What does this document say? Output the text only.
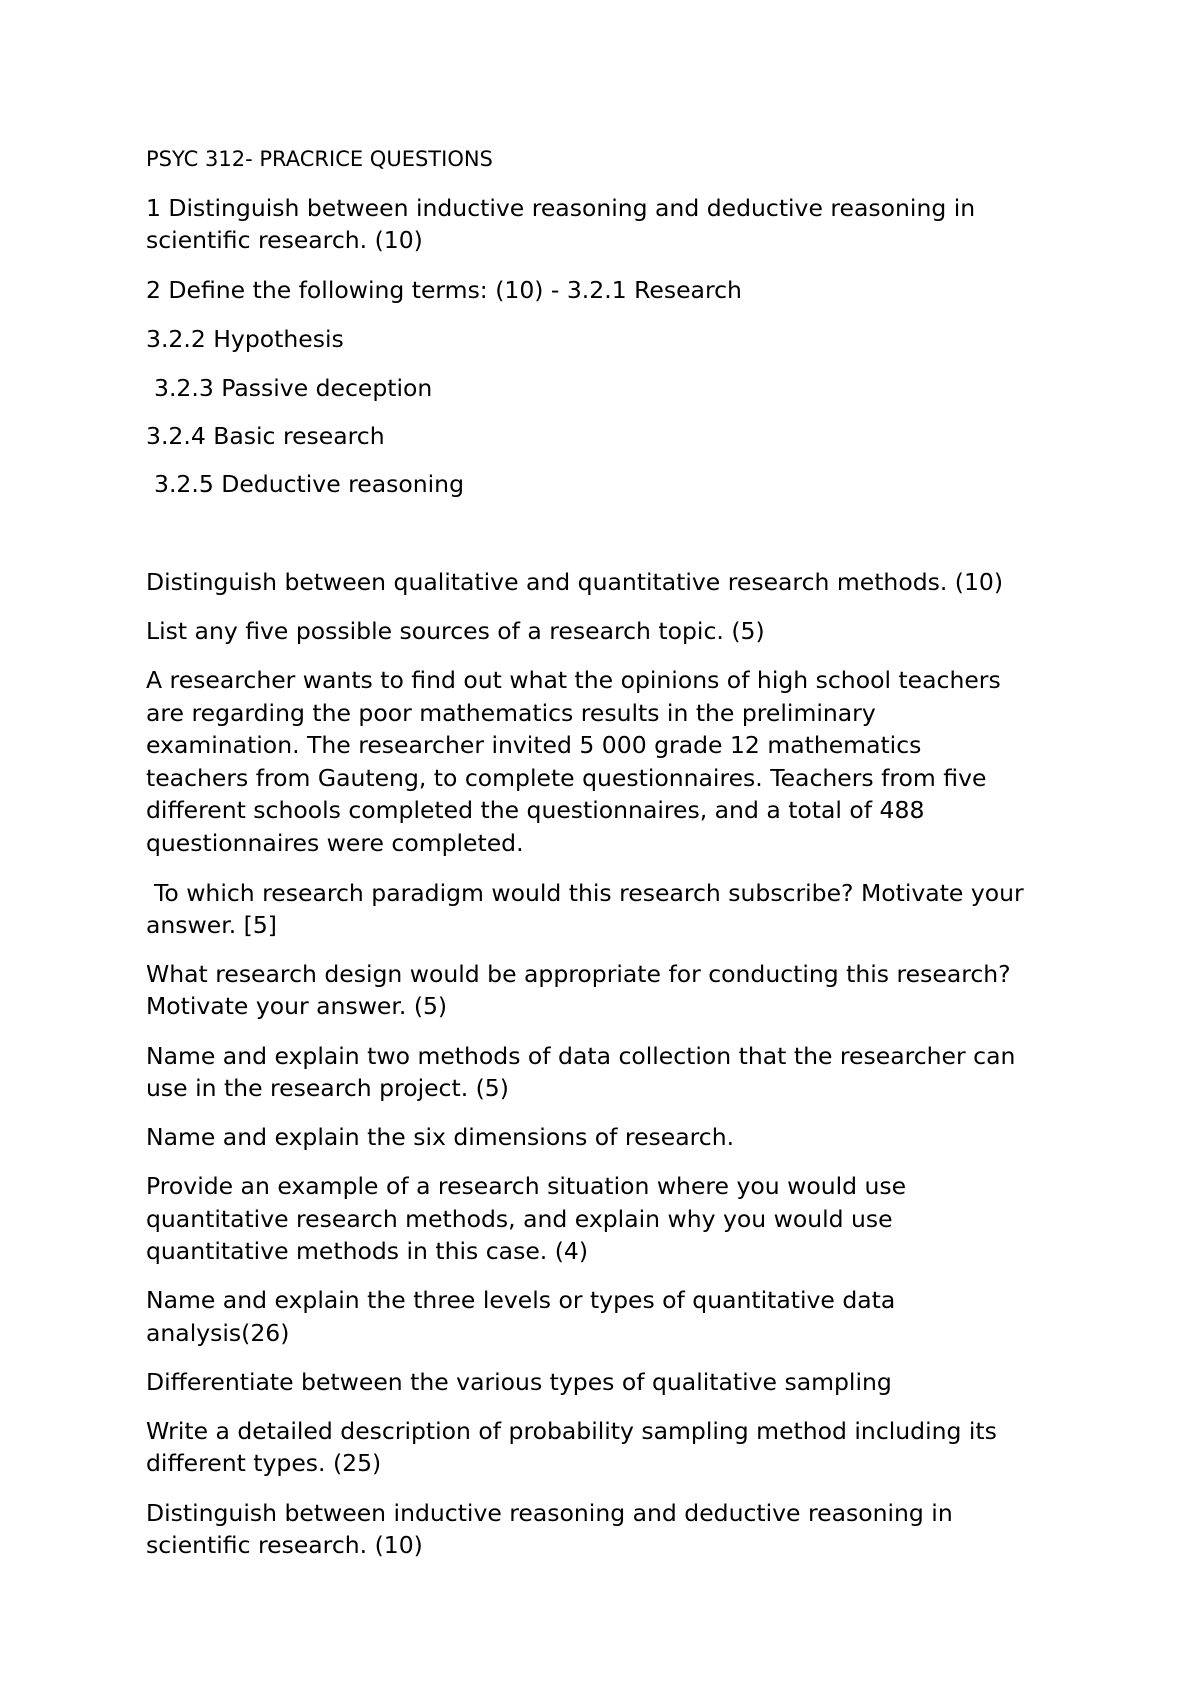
PSYC 312- PRACRICE QUESTIONS

1 Distinguish between inductive reasoning and deductive reasoning in

scientific research. (10)

2 Define the following terms: (10) - 3.2.1 Research

3.2.2 Hypothesis

3.2.3 Passive deception

3.2.4 Basic research

3.2.5 Deductive reasoning

Distinguish between qualitative and quantitative research methods. (10)

List any five possible sources of a research topic. (5)

A researcher wants to find out what the opinions of high school teachers

are regarding the poor mathematics results in the preliminary

examination. The researcher invited 5 000 grade 12 mathematics

teachers from Gauteng, to complete questionnaires. Teachers from five

different schools completed the questionnaires, and a total of 488

questionnaires were completed.

To which research paradigm would this research subscribe? Motivate your

answer. [5]

What research design would be appropriate for conducting this research?

Motivate your answer. (5)

Name and explain two methods of data collection that the researcher can

use in the research project. (5)

Name and explain the six dimensions of research.

Provide an example of a research situation where you would use

quantitative research methods, and explain why you would use

quantitative methods in this case. (4)

Name and explain the three levels or types of quantitative data

analysis(26)

Differentiate between the various types of qualitative sampling

Write a detailed description of probability sampling method including its

different types. (25)

Distinguish between inductive reasoning and deductive reasoning in

scientific research. (10)
